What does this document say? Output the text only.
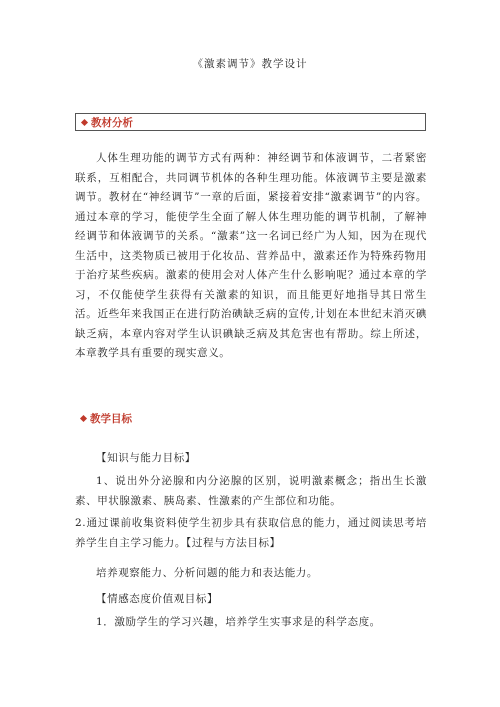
《激素调节》教学设计
教材分析
人体生理功能的调节方式有两种：神经调节和体液调节，二者紧密联系，互相配合，共同调节机体的各种生理功能。体液调节主要是激素调节。教材在“神经调节”一章的后面，紧接着安排“激素调节”的内容。通过本章的学习，能使学生全面了解人体生理功能的调节机制，了解神经调节和体液调节的关系。“激素”这一名词已经广为人知，因为在现代生活中，这类物质已被用于化妆品、营养品中，激素还作为特殊药物用于治疗某些疾病。激素的使用会对人体产生什么影响呢？通过本章的学习，不仅能使学生获得有关激素的知识，而且能更好地指导其日常生活。近些年来我国正在进行防治碘缺乏病的宣传,计划在本世纪末消灭碘缺乏病，本章内容对学生认识碘缺乏病及其危害也有帮助。综上所述，本章教学具有重要的现实意义。
教学目标
【知识与能力目标】
1、说出外分泌腺和内分泌腺的区别，说明激素概念；指出生长激素、甲状腺激素、胰岛素、性激素的产生部位和功能。
2.通过课前收集资料使学生初步具有获取信息的能力，通过阅读思考培养学生自主学习能力。【过程与方法目标】
培养观察能力、分析问题的能力和表达能力。
【情感态度价值观目标】
1．激励学生的学习兴趣，培养学生实事求是的科学态度。
